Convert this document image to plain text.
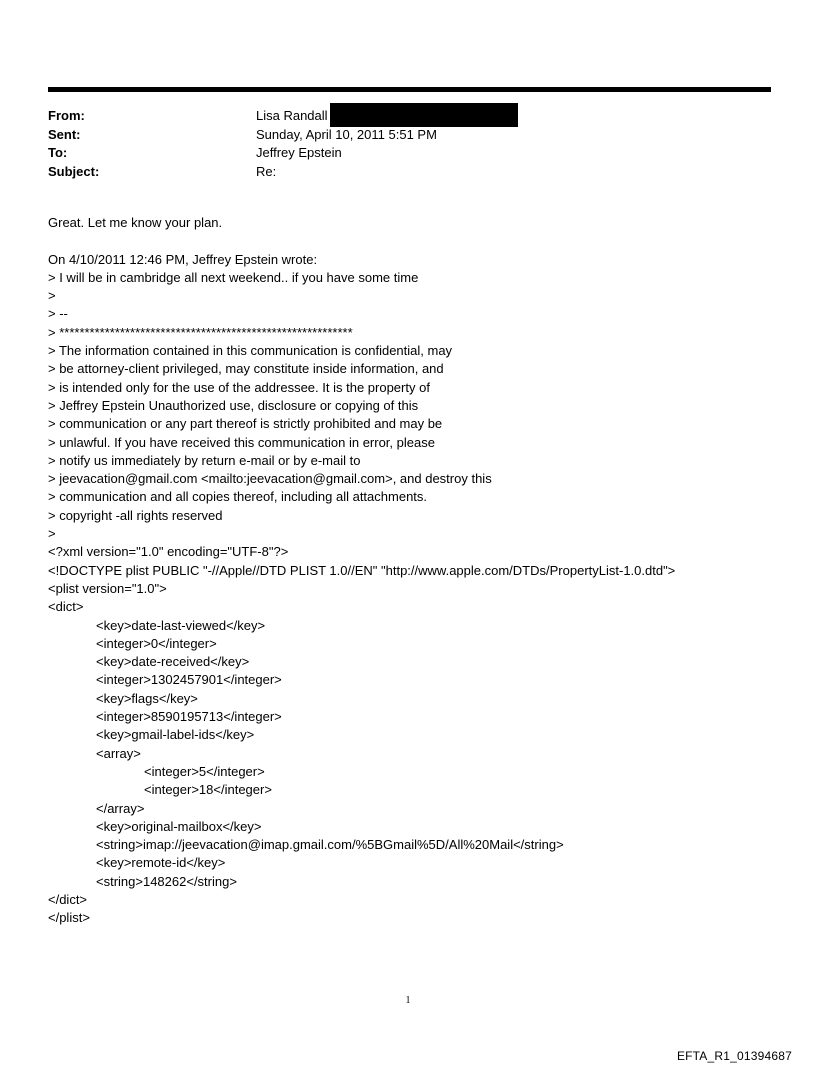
From:	Lisa Randall
Sent:	Sunday, April 10, 2011 5:51 PM
To:	Jeffrey Epstein
Subject:	Re:
Great. Let me know your plan.
On 4/10/2011 12:46 PM, Jeffrey Epstein wrote:
> I will be in cambridge all next weekend.. if you have some time
>
> --
> **********************************************************
> The information contained in this communication is confidential, may
> be attorney-client privileged, may constitute inside information, and
> is intended only for the use of the addressee. It is the property of
> Jeffrey Epstein Unauthorized use, disclosure or copying of this
> communication or any part thereof is strictly prohibited and may be
> unlawful. If you have received this communication in error, please
> notify us immediately by return e-mail or by e-mail to
> jeevacation@gmail.com <mailto:jeevacation@gmail.com>, and destroy this
> communication and all copies thereof, including all attachments.
> copyright -all rights reserved
>
<?xml version="1.0" encoding="UTF-8"?>
<!DOCTYPE plist PUBLIC "-//Apple//DTD PLIST 1.0//EN" "http://www.apple.com/DTDs/PropertyList-1.0.dtd">
<plist version="1.0">
<dict>
<key>date-last-viewed</key>
<integer>0</integer>
<key>date-received</key>
<integer>1302457901</integer>
<key>flags</key>
<integer>8590195713</integer>
<key>gmail-label-ids</key>
<array>
<integer>5</integer>
<integer>18</integer>
</array>
<key>original-mailbox</key>
<string>imap://jeevacation@imap.gmail.com/%5BGmail%5D/All%20Mail</string>
<key>remote-id</key>
<string>148262</string>
</dict>
</plist>
1
EFTA_R1_01394687
